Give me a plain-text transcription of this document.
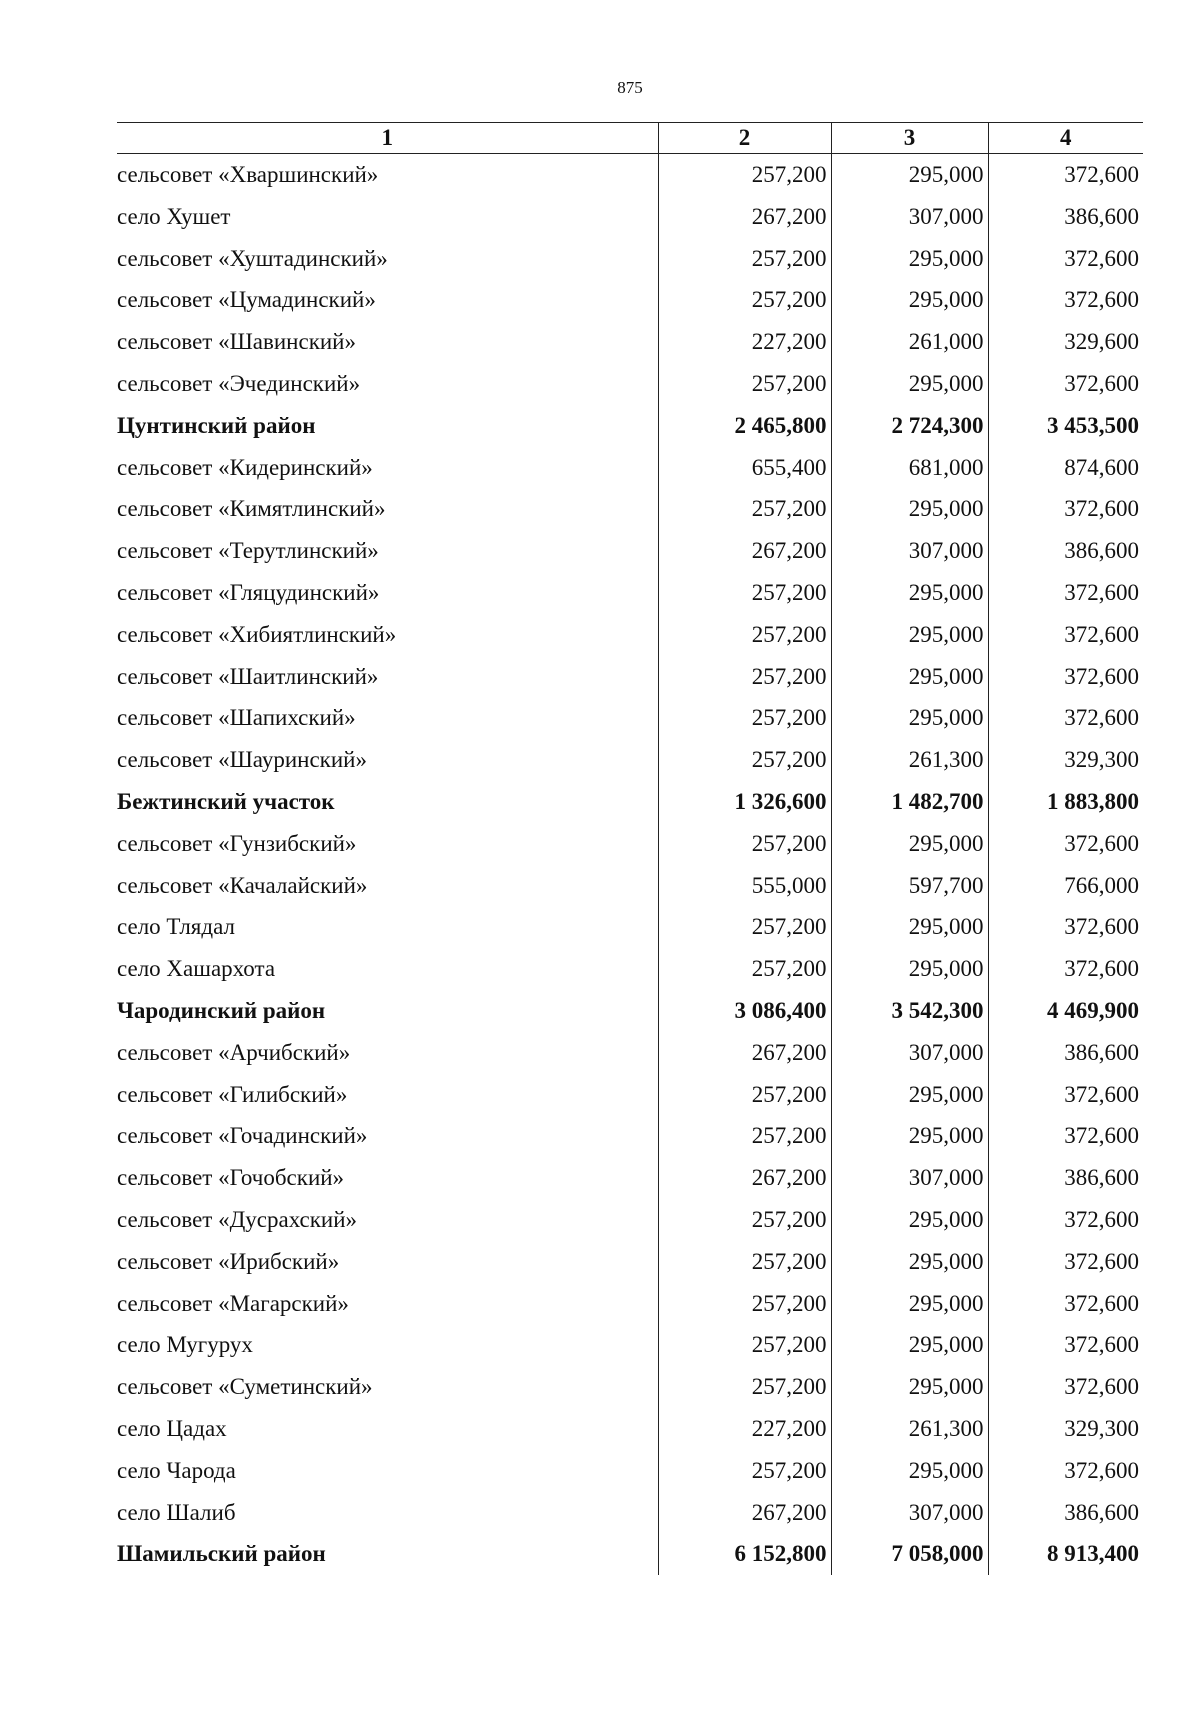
875
1	2	3	4
сельсовет «Хваршинский»	257,200	295,000	372,600
село Хушет	267,200	307,000	386,600
сельсовет «Хуштадинский»	257,200	295,000	372,600
сельсовет «Цумадинский»	257,200	295,000	372,600
сельсовет «Шавинский»	227,200	261,000	329,600
сельсовет «Эчединский»	257,200	295,000	372,600
Цунтинский район	2 465,800	2 724,300	3 453,500
сельсовет «Кидеринский»	655,400	681,000	874,600
сельсовет «Кимятлинский»	257,200	295,000	372,600
сельсовет «Терутлинский»	267,200	307,000	386,600
сельсовет «Гляцудинский»	257,200	295,000	372,600
сельсовет «Хибиятлинский»	257,200	295,000	372,600
сельсовет «Шаитлинский»	257,200	295,000	372,600
сельсовет «Шапихский»	257,200	295,000	372,600
сельсовет «Шауринский»	257,200	261,300	329,300
Бежтинский участок	1 326,600	1 482,700	1 883,800
сельсовет «Гунзибский»	257,200	295,000	372,600
сельсовет «Качалайский»	555,000	597,700	766,000
село Тлядал	257,200	295,000	372,600
село Хашархота	257,200	295,000	372,600
Чародинский район	3 086,400	3 542,300	4 469,900
сельсовет «Арчибский»	267,200	307,000	386,600
сельсовет «Гилибский»	257,200	295,000	372,600
сельсовет «Гочадинский»	257,200	295,000	372,600
сельсовет «Гочобский»	267,200	307,000	386,600
сельсовет «Дусрахский»	257,200	295,000	372,600
сельсовет «Ирибский»	257,200	295,000	372,600
сельсовет «Магарский»	257,200	295,000	372,600
село Мугурух	257,200	295,000	372,600
сельсовет «Суметинский»	257,200	295,000	372,600
село Цадах	227,200	261,300	329,300
село Чарода	257,200	295,000	372,600
село Шалиб	267,200	307,000	386,600
Шамильский район	6 152,800	7 058,000	8 913,400
